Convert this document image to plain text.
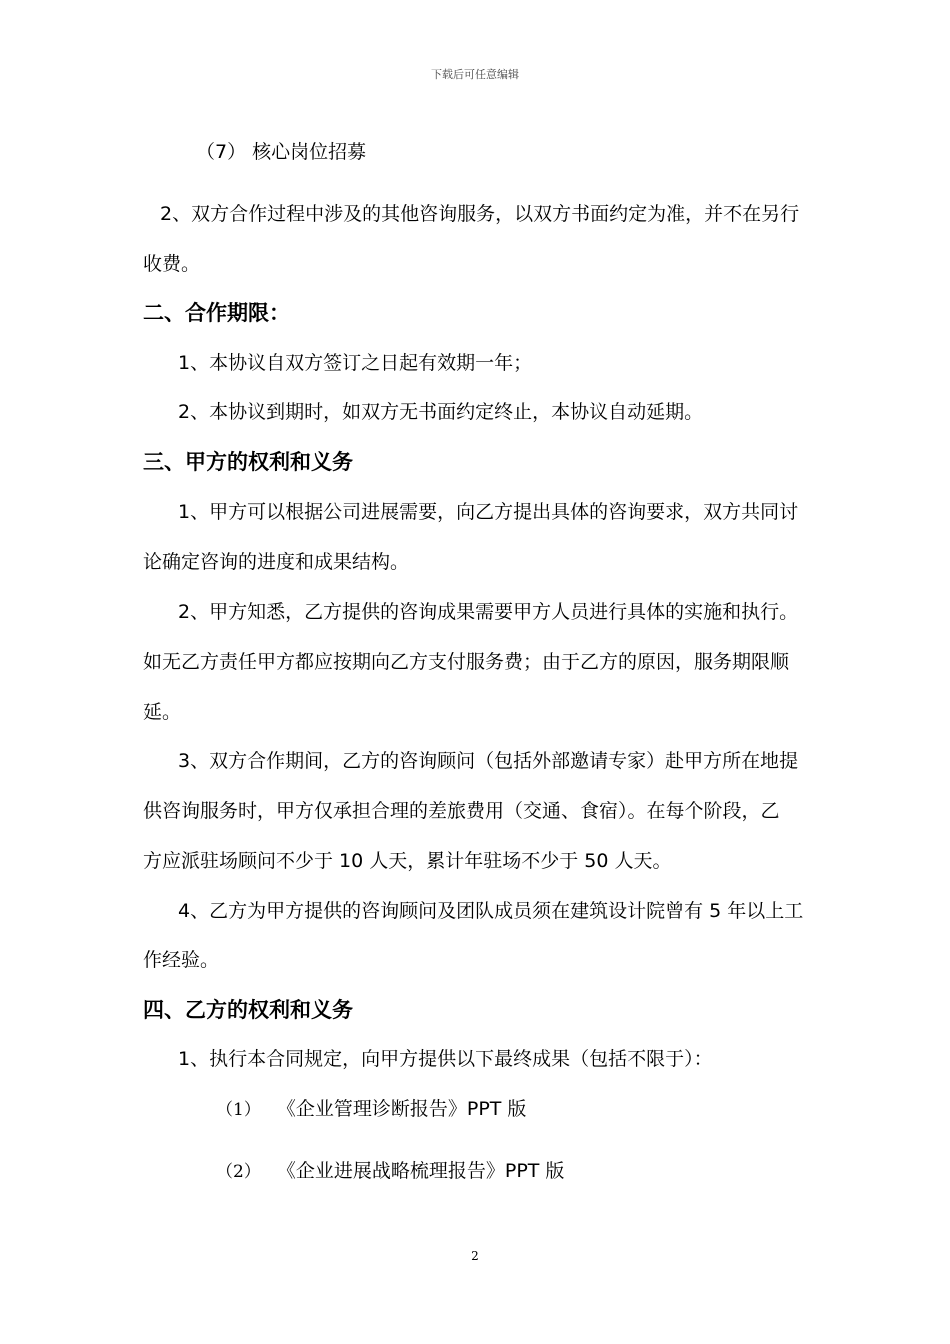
下载后可任意编辑
（7） 核心岗位招募
2、双方合作过程中涉及的其他咨询服务，以双方书面约定为准，并不在另行
收费。
二、合作期限：
1、本协议自双方签订之日起有效期一年；
2、本协议到期时，如双方无书面约定终止，本协议自动延期。
三、甲方的权利和义务
1、甲方可以根据公司进展需要，向乙方提出具体的咨询要求，双方共同讨
论确定咨询的进度和成果结构。
2、甲方知悉，乙方提供的咨询成果需要甲方人员进行具体的实施和执行。
如无乙方责任甲方都应按期向乙方支付服务费；由于乙方的原因，服务期限顺
延。
3、双方合作期间，乙方的咨询顾问（包括外部邀请专家）赴甲方所在地提
供咨询服务时，甲方仅承担合理的差旅费用（交通、食宿）。在每个阶段，乙
方应派驻场顾问不少于 10 人天，累计年驻场不少于 50 人天。
4、乙方为甲方提供的咨询顾问及团队成员须在建筑设计院曾有 5 年以上工
作经验。
四、乙方的权利和义务
1、执行本合同规定，向甲方提供以下最终成果（包括不限于）：
（1） 《企业管理诊断报告》PPT 版
（2） 《企业进展战略梳理报告》PPT 版
2
